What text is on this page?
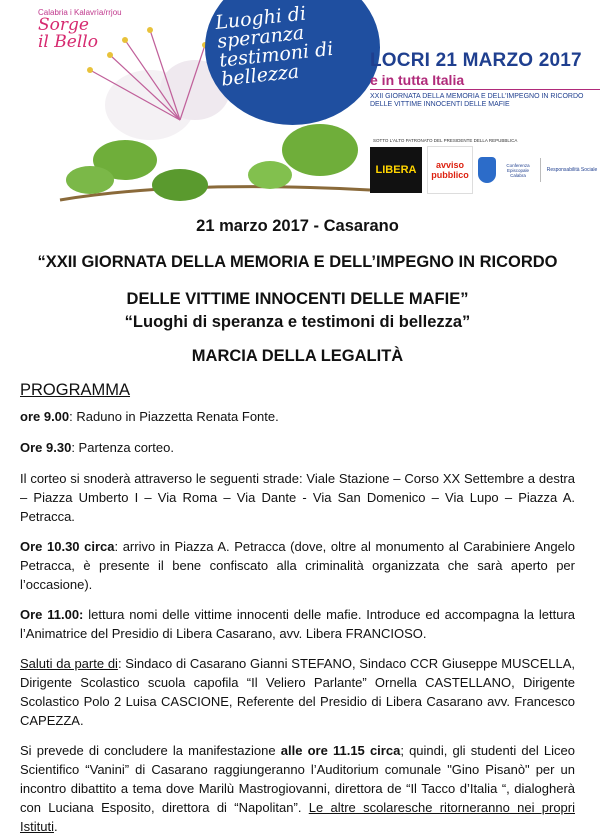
Calabria i Kalavrìa/rrjou
Sorge
il Bello
Luoghi di speranza testimoni di bellezza
LOCRI 21 MARZO 2017
e in tutta Italia
XXII GIORNATA DELLA MEMORIA E DELL'IMPEGNO IN RICORDO DELLE VITTIME INNOCENTI DELLE MAFIE
SOTTO L'ALTO PATRONATO DEL PRESIDENTE DELLA REPUBBLICA
LIBERA	avviso pubblico
Conferenza Episcopale Calabra
Responsabilità Sociale
21 marzo 2017 - Casarano
“XXII GIORNATA DELLA MEMORIA E DELL’IMPEGNO IN RICORDO
DELLE VITTIME INNOCENTI DELLE MAFIE”
“Luoghi di speranza e testimoni di bellezza”
MARCIA DELLA LEGALITÀ
PROGRAMMA

ore 9.00: Raduno in Piazzetta Renata Fonte.

Ore 9.30: Partenza corteo.

Il corteo si snoderà attraverso le seguenti strade: Viale Stazione – Corso XX Settembre a destra – Piazza Umberto I – Via Roma – Via Dante - Via San Domenico – Via Lupo – Piazza A. Petracca.

Ore 10.30 circa: arrivo in Piazza A. Petracca (dove, oltre al monumento al Carabiniere Angelo Petracca, è presente il bene confiscato alla criminalità organizzata che sarà aperto per l’occasione).

Ore 11.00: lettura nomi delle vittime innocenti delle mafie. Introduce ed accompagna la lettura l’Animatrice del Presidio di Libera Casarano, avv. Libera FRANCIOSO.

Saluti da parte di: Sindaco di Casarano Gianni STEFANO, Sindaco CCR Giuseppe MUSCELLA, Dirigente Scolastico scuola capofila “Il Veliero Parlante” Ornella CASTELLANO, Dirigente Scolastico Polo 2 Luisa CASCIONE, Referente del Presidio di Libera Casarano avv. Francesco CAPEZZA.

Si prevede di concludere la manifestazione alle ore 11.15 circa; quindi, gli studenti del Liceo Scientifico “Vanini” di Casarano raggiungeranno l’Auditorium comunale "Gino Pisanò" per un incontro dibattito a tema dove Marilù Mastrogiovanni, direttora de “Il Tacco d’Italia “, dialogherà con Luciana Esposito, direttora di “Napolitan”. Le altre scolaresche ritorneranno nei propri Istituti.
